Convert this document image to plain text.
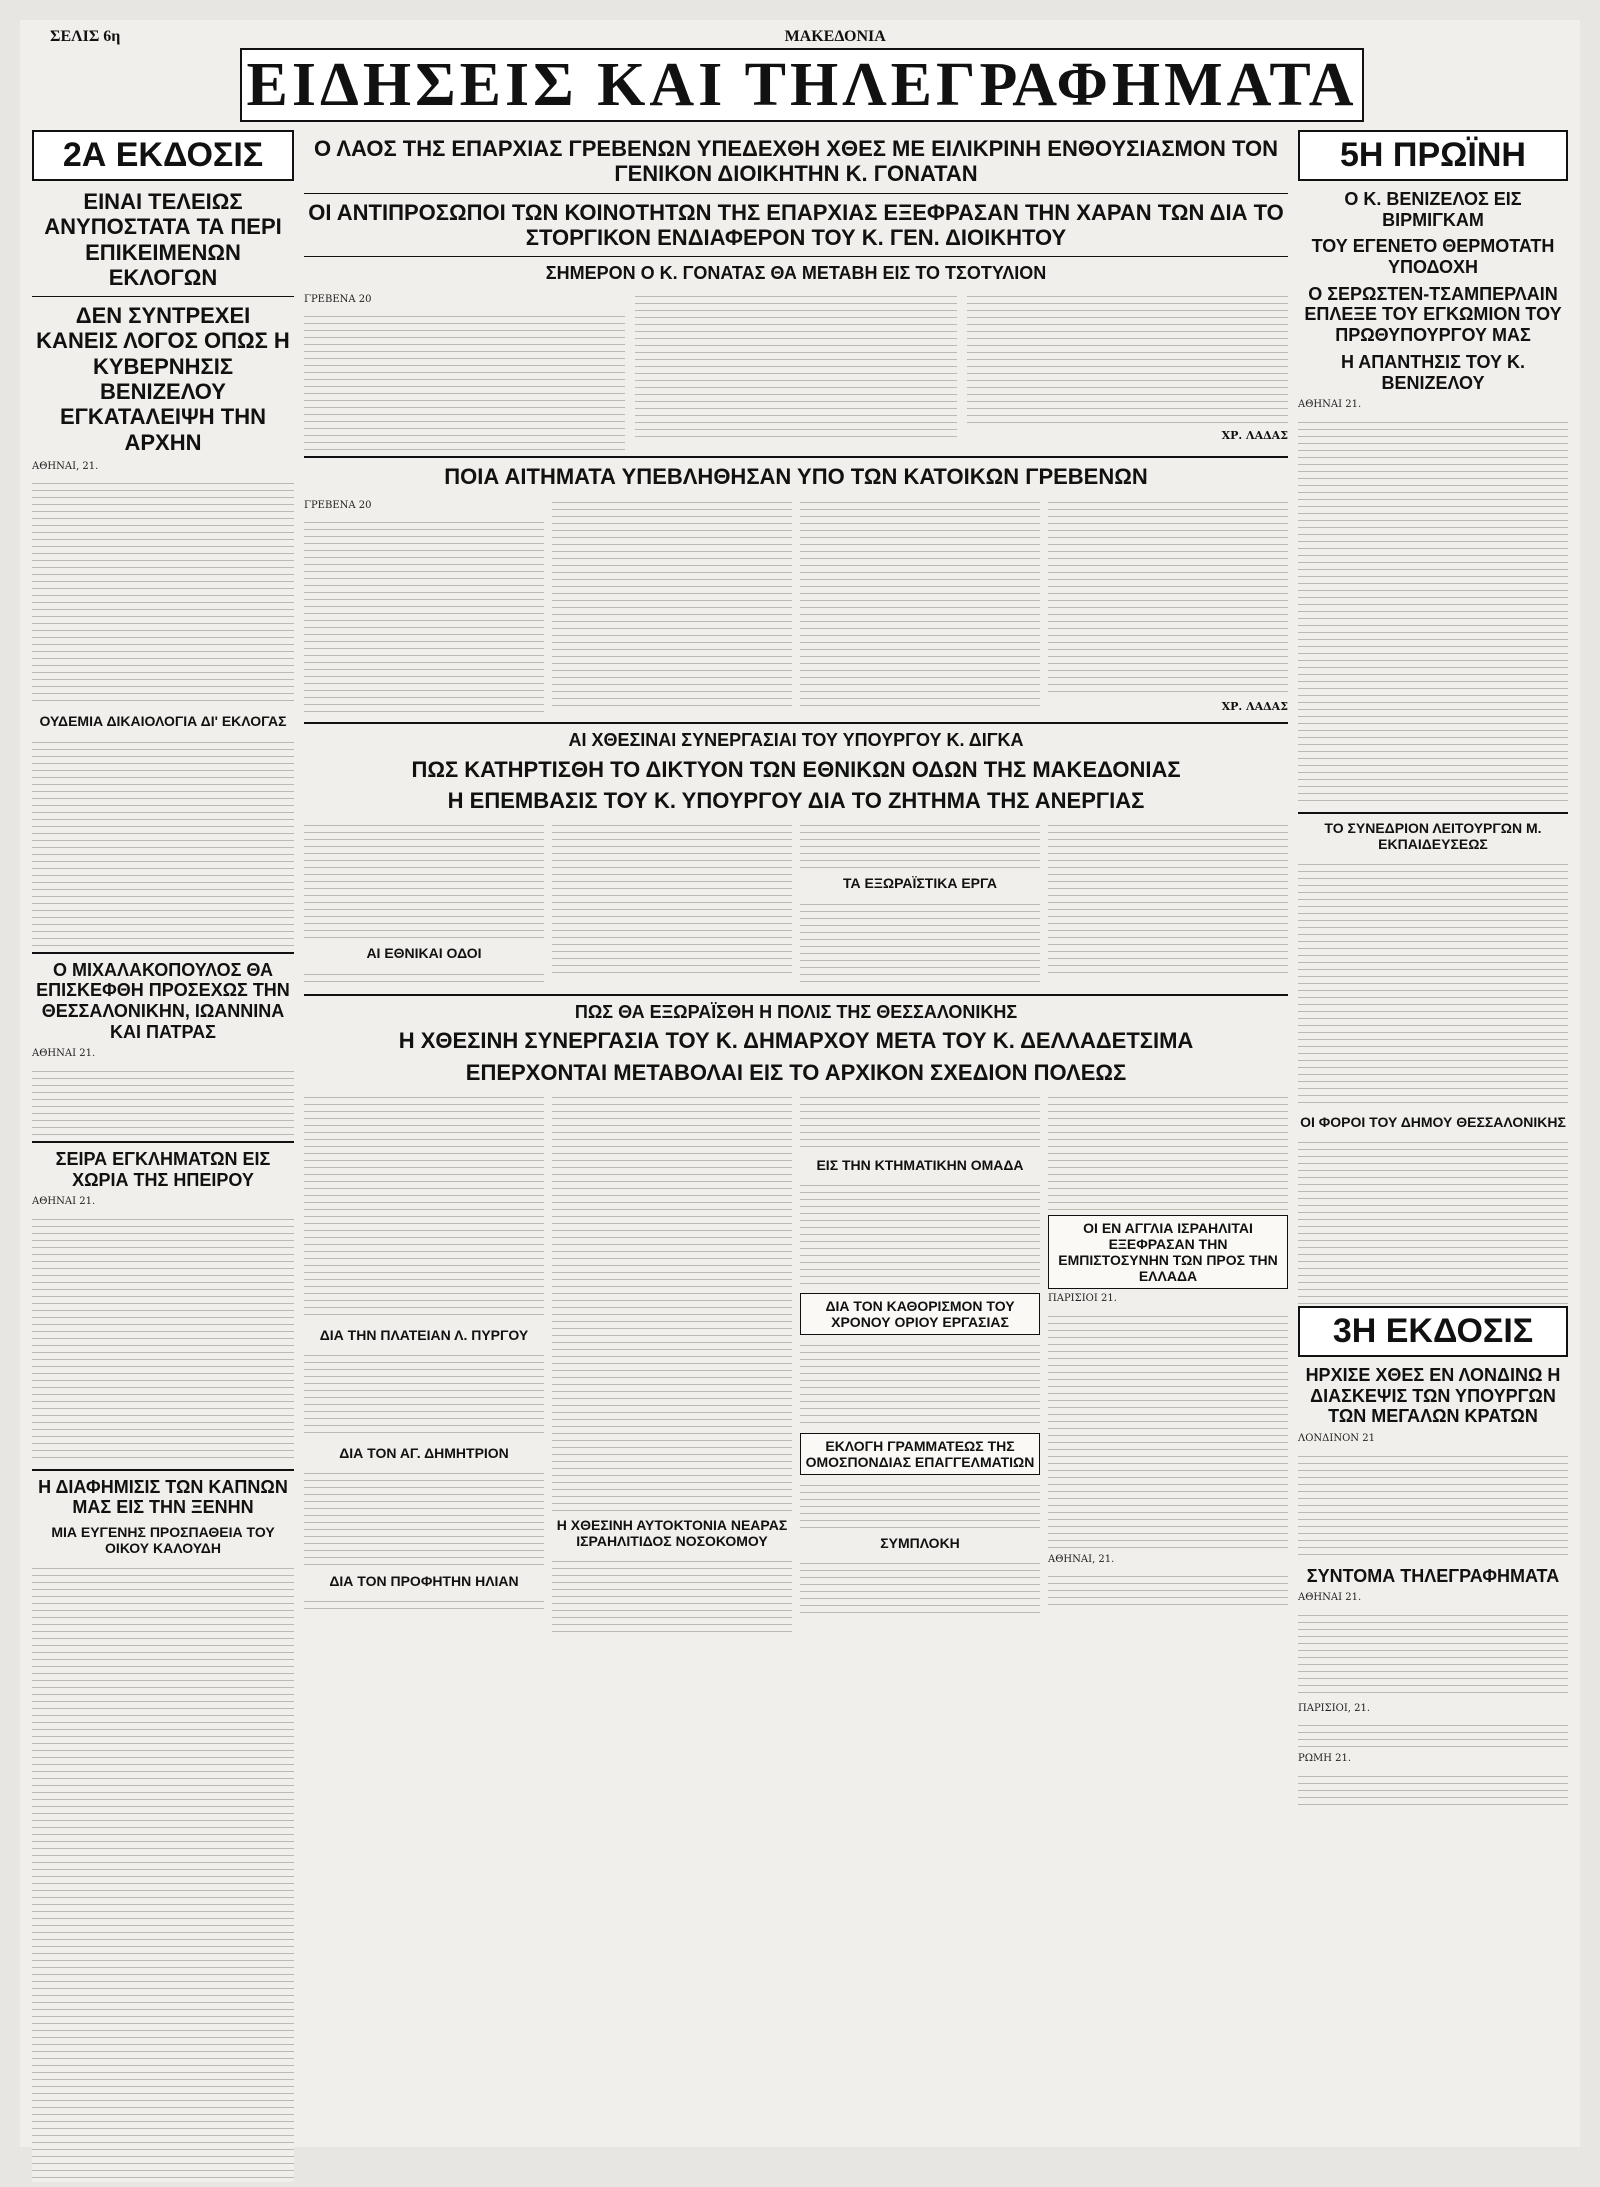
ΣΕΛΙΣ 6η	ΜΑΚΕΔΟΝΙΑ
ΕΙΔΗΣΕΙΣ ΚΑΙ ΤΗΛΕΓΡΑΦΗΜΑΤΑ
2Α ΕΚΔΟΣΙΣ
ΕΙΝΑΙ ΤΕΛΕΙΩΣ ΑΝΥΠΟΣΤΑΤΑ ΤΑ ΠΕΡΙ ΕΠΙΚΕΙΜΕΝΩΝ ΕΚΛΟΓΩΝ
ΔΕΝ ΣΥΝΤΡΕΧΕΙ ΚΑΝΕΙΣ ΛΟΓΟΣ ΟΠΩΣ Η ΚΥΒΕΡΝΗΣΙΣ ΒΕΝΙΖΕΛΟΥ ΕΓΚΑΤΑΛΕΙΨΗ ΤΗΝ ΑΡΧΗΝ
ΑΘΗΝΑΙ, 21.
ΟΥΔΕΜΙΑ ΔΙΚΑΙΟΛΟΓΙΑ ΔΙ' ΕΚΛΟΓΑΣ
Ο ΜΙΧΑΛΑΚΟΠΟΥΛΟΣ ΘΑ ΕΠΙΣΚΕΦΘΗ ΠΡΟΣΕΧΩΣ ΤΗΝ ΘΕΣΣΑΛΟΝΙΚΗΝ, ΙΩΑΝΝΙΝΑ ΚΑΙ ΠΑΤΡΑΣ
ΑΘΗΝΑΙ 21.
ΣΕΙΡΑ ΕΓΚΛΗΜΑΤΩΝ ΕΙΣ ΧΩΡΙΑ ΤΗΣ ΗΠΕΙΡΟΥ
ΑΘΗΝΑΙ 21.
Η ΔΙΑΦΗΜΙΣΙΣ ΤΩΝ ΚΑΠΝΩΝ ΜΑΣ ΕΙΣ ΤΗΝ ΞΕΝΗΝ
ΜΙΑ ΕΥΓΕΝΗΣ ΠΡΟΣΠΑΘΕΙΑ ΤΟΥ ΟΙΚΟΥ ΚΑΛΟΥΔΗ
Ο ΛΑΟΣ ΤΗΣ ΕΠΑΡΧΙΑΣ ΓΡΕΒΕΝΩΝ ΥΠΕΔΕΧΘΗ ΧΘΕΣ ΜΕ ΕΙΛΙΚΡΙΝΗ ΕΝΘΟΥΣΙΑΣΜΟΝ ΤΟΝ ΓΕΝΙΚΟΝ ΔΙΟΙΚΗΤΗΝ Κ. ΓΟΝΑΤΑΝ
ΟΙ ΑΝΤΙΠΡΟΣΩΠΟΙ ΤΩΝ ΚΟΙΝΟΤΗΤΩΝ ΤΗΣ ΕΠΑΡΧΙΑΣ ΕΞΕΦΡΑΣΑΝ ΤΗΝ ΧΑΡΑΝ ΤΩΝ ΔΙΑ ΤΟ ΣΤΟΡΓΙΚΟΝ ΕΝΔΙΑΦΕΡΟΝ ΤΟΥ Κ. ΓΕΝ. ΔΙΟΙΚΗΤΟΥ
ΣΗΜΕΡΟΝ Ο Κ. ΓΟΝΑΤΑΣ ΘΑ ΜΕΤΑΒΗ ΕΙΣ ΤΟ ΤΣΟΤΥΛΙΟΝ
ΓΡΕΒΕΝΑ 20
ΧΡ. ΛΑΔΑΣ
ΠΟΙΑ ΑΙΤΗΜΑΤΑ ΥΠΕΒΛΗΘΗΣΑΝ ΥΠΟ ΤΩΝ ΚΑΤΟΙΚΩΝ ΓΡΕΒΕΝΩΝ
ΓΡΕΒΕΝΑ 20
ΧΡ. ΛΑΔΑΣ
ΑΙ ΧΘΕΣΙΝΑΙ ΣΥΝΕΡΓΑΣΙΑΙ ΤΟΥ ΥΠΟΥΡΓΟΥ Κ. ΔΙΓΚΑ
ΠΩΣ ΚΑΤΗΡΤΙΣΘΗ ΤΟ ΔΙΚΤΥΟΝ ΤΩΝ ΕΘΝΙΚΩΝ ΟΔΩΝ ΤΗΣ ΜΑΚΕΔΟΝΙΑΣ
Η ΕΠΕΜΒΑΣΙΣ ΤΟΥ Κ. ΥΠΟΥΡΓΟΥ ΔΙΑ ΤΟ ΖΗΤΗΜΑ ΤΗΣ ΑΝΕΡΓΙΑΣ
ΑΙ ΕΘΝΙΚΑΙ ΟΔΟΙ
ΤΑ ΕΞΩΡΑΪΣΤΙΚΑ ΕΡΓΑ
ΠΩΣ ΘΑ ΕΞΩΡΑΪΣΘΗ Η ΠΟΛΙΣ ΤΗΣ ΘΕΣΣΑΛΟΝΙΚΗΣ
Η ΧΘΕΣΙΝΗ ΣΥΝΕΡΓΑΣΙΑ ΤΟΥ Κ. ΔΗΜΑΡΧΟΥ ΜΕΤΑ ΤΟΥ Κ. ΔΕΛΛΑΔΕΤΣΙΜΑ
ΕΠΕΡΧΟΝΤΑΙ ΜΕΤΑΒΟΛΑΙ ΕΙΣ ΤΟ ΑΡΧΙΚΟΝ ΣΧΕΔΙΟΝ ΠΟΛΕΩΣ
ΔΙΑ ΤΗΝ ΠΛΑΤΕΙΑΝ Λ. ΠΥΡΓΟΥ
ΔΙΑ ΤΟΝ ΑΓ. ΔΗΜΗΤΡΙΟΝ
ΔΙΑ ΤΟΝ ΠΡΟΦΗΤΗΝ ΗΛΙΑΝ
Η ΧΘΕΣΙΝΗ ΑΥΤΟΚΤΟΝΙΑ ΝΕΑΡΑΣ ΙΣΡΑΗΛΙΤΙΔΟΣ ΝΟΣΟΚΟΜΟΥ
ΕΙΣ ΤΗΝ ΚΤΗΜΑΤΙΚΗΝ ΟΜΑΔΑ
ΔΙΑ ΤΟΝ ΚΑΘΟΡΙΣΜΟΝ ΤΟΥ ΧΡΟΝΟΥ ΟΡΙΟΥ ΕΡΓΑΣΙΑΣ
ΕΚΛΟΓΗ ΓΡΑΜΜΑΤΕΩΣ ΤΗΣ ΟΜΟΣΠΟΝΔΙΑΣ ΕΠΑΓΓΕΛΜΑΤΙΩΝ
ΣΥΜΠΛΟΚΗ
ΟΙ ΕΝ ΑΓΓΛΙΑ ΙΣΡΑΗΛΙΤΑΙ ΕΞΕΦΡΑΣΑΝ ΤΗΝ ΕΜΠΙΣΤΟΣΥΝΗΝ ΤΩΝ ΠΡΟΣ ΤΗΝ ΕΛΛΑΔΑ
ΠΑΡΙΣΙΟΙ 21.
ΑΘΗΝΑΙ, 21.
5Η ΠΡΩΪΝΗ
Ο Κ. ΒΕΝΙΖΕΛΟΣ ΕΙΣ ΒΙΡΜΙΓΚΑΜ
ΤΟΥ ΕΓΕΝΕΤΟ ΘΕΡΜΟΤΑΤΗ ΥΠΟΔΟΧΗ
Ο ΣΕΡΩΣΤΕΝ-ΤΣΑΜΠΕΡΛΑΙΝ ΕΠΛΕΞΕ ΤΟΥ ΕΓΚΩΜΙΟΝ ΤΟΥ ΠΡΩΘΥΠΟΥΡΓΟΥ ΜΑΣ
Η ΑΠΑΝΤΗΣΙΣ ΤΟΥ Κ. ΒΕΝΙΖΕΛΟΥ
ΑΘΗΝΑΙ 21.
ΤΟ ΣΥΝΕΔΡΙΟΝ ΛΕΙΤΟΥΡΓΩΝ Μ. ΕΚΠΑΙΔΕΥΣΕΩΣ
ΟΙ ΦΟΡΟΙ ΤΟΥ ΔΗΜΟΥ ΘΕΣΣΑΛΟΝΙΚΗΣ
3Η ΕΚΔΟΣΙΣ
ΗΡΧΙΣΕ ΧΘΕΣ ΕΝ ΛΟΝΔΙΝΩ Η ΔΙΑΣΚΕΨΙΣ ΤΩΝ ΥΠΟΥΡΓΩΝ ΤΩΝ ΜΕΓΑΛΩΝ ΚΡΑΤΩΝ
ΛΟΝΔΙΝΟΝ 21
ΣΥΝΤΟΜΑ ΤΗΛΕΓΡΑΦΗΜΑΤΑ
ΑΘΗΝΑΙ 21.
ΠΑΡΙΣΙΟΙ, 21.
ΡΩΜΗ 21.
